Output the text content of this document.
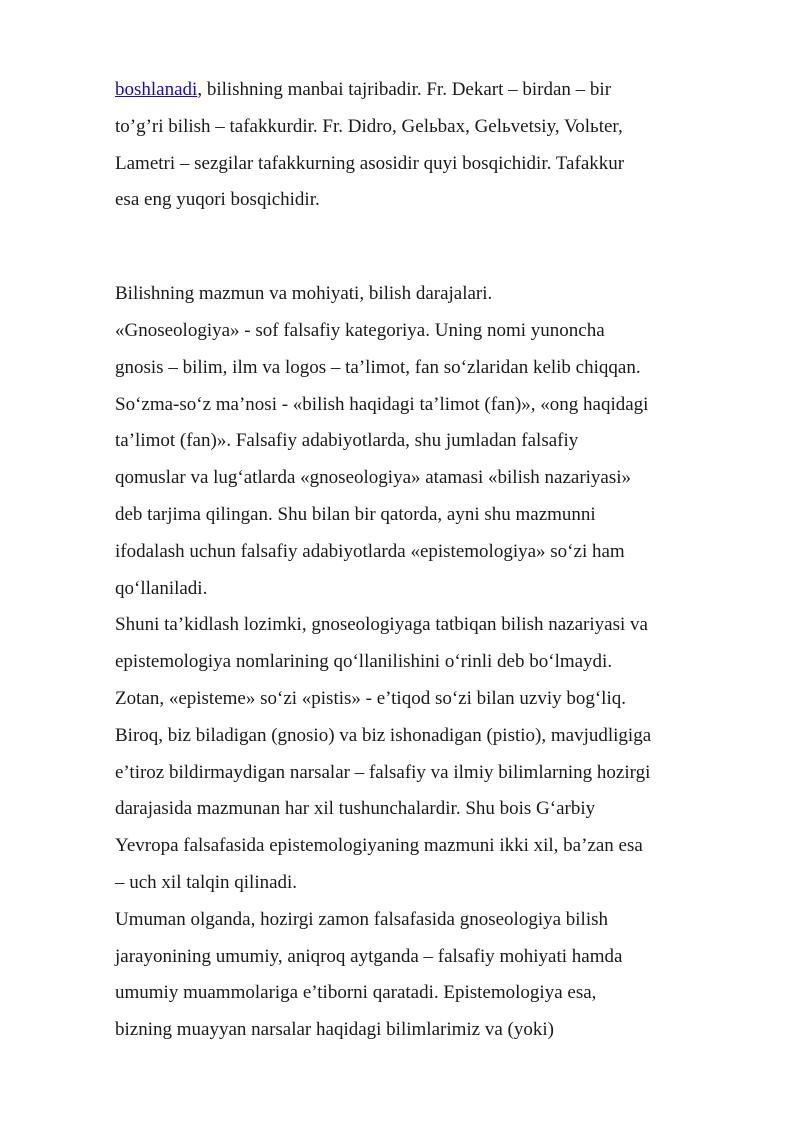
boshlanadi, bilishning manbai tajribadir. Fr. Dekart – birdan – bir
to’g’ri bilish – tafakkurdir. Fr. Didro, Gelьbax, Gelьvetsiy, Volьter,
Lametri – sezgilar tafakkurning asosidir quyi bosqichidir. Tafakkur
esa eng yuqori bosqichidir.
Bilishning mazmun va mohiyati, bilish darajalari.
«Gnoseologiya» - sof falsafiy kategoriya. Uning nomi yunoncha
gnosis – bilim, ilm va logos – ta’limot, fan so‘zlaridan kelib chiqqan.
So‘zma-so‘z ma’nosi - «bilish haqidagi ta’limot (fan)», «ong haqidagi
ta’limot (fan)». Falsafiy adabiyotlarda, shu jumladan falsafiy
qomuslar va lug‘atlarda «gnoseologiya» atamasi «bilish nazariyasi»
deb tarjima qilingan. Shu bilan bir qatorda, ayni shu mazmunni
ifodalash uchun falsafiy adabiyotlarda «epistemologiya» so‘zi ham
qo‘llaniladi.
Shuni ta’kidlash lozimki, gnoseologiyaga tatbiqan bilish nazariyasi va
epistemologiya nomlarining qo‘llanilishini o‘rinli deb bo‘lmaydi.
Zotan, «episteme» so‘zi «pistis» - e’tiqod so‘zi bilan uzviy bog‘liq.
Biroq, biz biladigan (gnosio) va biz ishonadigan (pistio), mavjudligiga
e’tiroz bildirmaydigan narsalar – falsafiy va ilmiy bilimlarning hozirgi
darajasida mazmunan har xil tushunchalardir. Shu bois G‘arbiy
Yevropa falsafasida epistemologiyaning mazmuni ikki xil, ba’zan esa
– uch xil talqin qilinadi.
Umuman olganda, hozirgi zamon falsafasida gnoseologiya bilish
jarayonining umumiy, aniqroq aytganda – falsafiy mohiyati hamda
umumiy muammolariga e’tiborni qaratadi. Epistemologiya esa,
bizning muayyan narsalar haqidagi bilimlarimiz va (yoki)
